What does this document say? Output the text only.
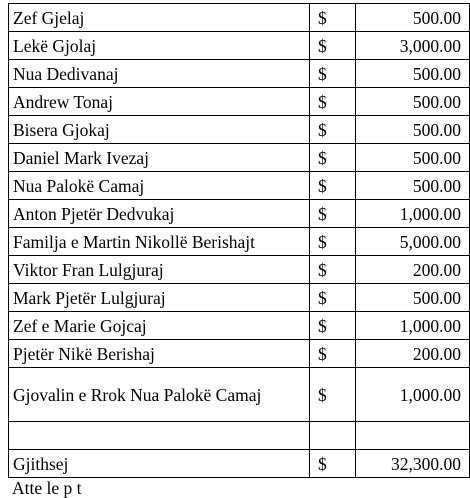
Zef Gjelaj	$	500.00
Lekë Gjolaj	$	3,000.00
Nua Dedivanaj	$	500.00
Andrew Tonaj	$	500.00
Bisera Gjokaj	$	500.00
Daniel Mark Ivezaj	$	500.00
Nua Palokë Camaj	$	500.00
Anton Pjetër Dedvukaj	$	1,000.00
Familja e Martin Nikollë Berishajt	$	5,000.00
Viktor Fran Lulgjuraj	$	200.00
Mark Pjetër Lulgjuraj	$	500.00
Zef e Marie Gojcaj	$	1,000.00
Pjetër Nikë Berishaj	$	200.00
Gjovalin e Rrok Nua Palokë Camaj	$	1,000.00

Gjithsej	$	32,300.00
Atte le p t
